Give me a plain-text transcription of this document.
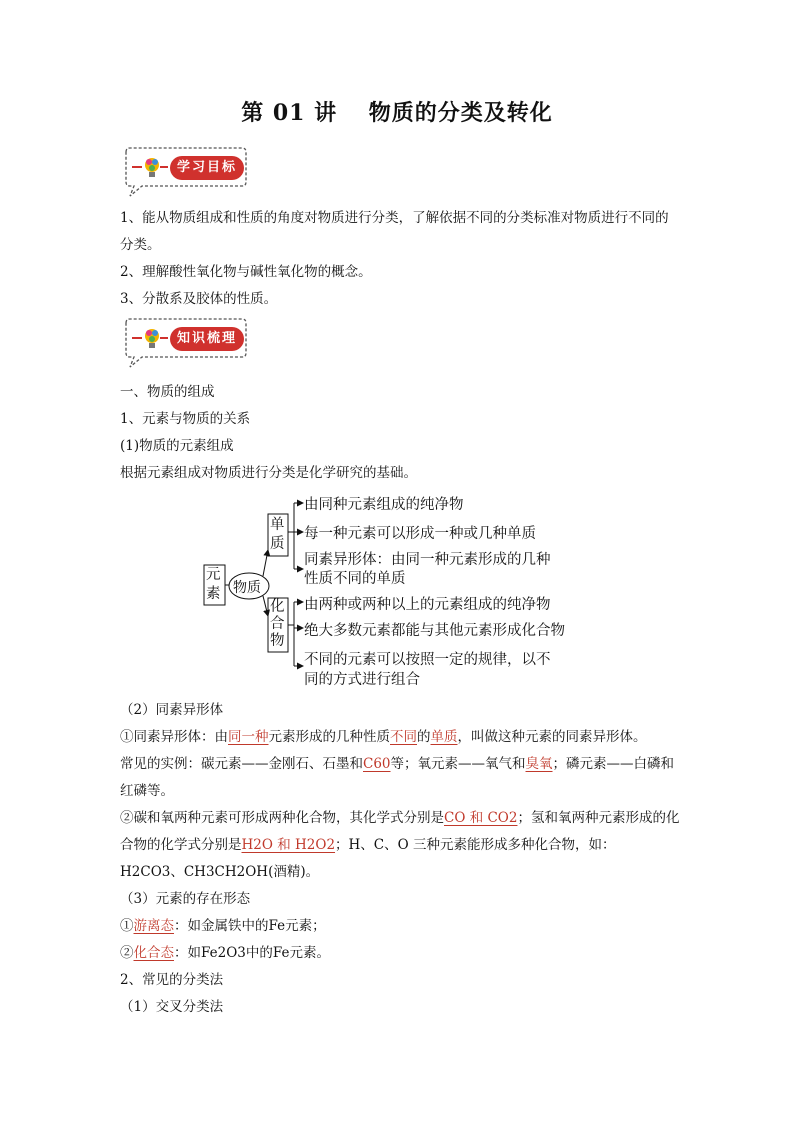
第 01 讲　 物质的分类及转化
学习目标
1、能从物质组成和性质的角度对物质进行分类，了解依据不同的分类标准对物质进行不同的分类。
2、理解酸性氧化物与碱性氧化物的概念。
3、分散系及胶体的性质。
知识梳理
一、物质的组成
1、元素与物质的关系
(1)物质的元素组成
根据元素组成对物质进行分类是化学研究的基础。
元素 物质
单质
化合物
由同种元素组成的纯净物
每一种元素可以形成一种或几种单质
同素异形体：由同一种元素形成的几种
性质不同的单质
由两种或两种以上的元素组成的纯净物
绝大多数元素都能与其他元素形成化合物
不同的元素可以按照一定的规律，以不
同的方式进行组合
（2）同素异形体
①同素异形体：由同一种元素形成的几种性质不同的单质，叫做这种元素的同素异形体。
常见的实例：碳元素——金刚石、石墨和C60等；氧元素——氧气和臭氧；磷元素——白磷和红磷等。
②碳和氧两种元素可形成两种化合物，其化学式分别是CO 和 CO2；氢和氧两种元素形成的化合物的化学式分别是H2O 和 H2O2；H、C、O 三种元素能形成多种化合物，如：
H2CO3、CH3CH2OH(酒精)。
（3）元素的存在形态
①游离态：如金属铁中的Fe元素；
②化合态：如Fe2O3中的Fe元素。
2、常见的分类法
（1）交叉分类法
